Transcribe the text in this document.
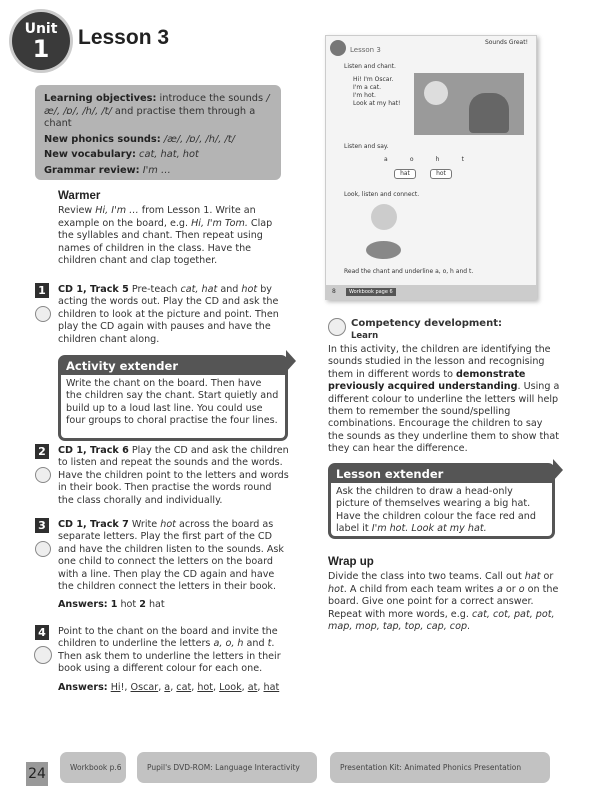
Unit
1	Lesson 3

Learning objectives: introduce the sounds /æ/, /ɒ/, /h/, /t/ and practise them through a chant

New phonics sounds: /æ/, /ɒ/, /h/, /t/

New vocabulary: cat, hat, hot

Grammar review: I'm …

Warmer

Review Hi, I'm … from Lesson 1. Write an example on the board, e.g. Hi, I'm Tom. Clap the syllables and chant. Then repeat using names of children in the class. Have the children chant and clap together.

1	CD 1, Track 5 Pre-teach cat, hat and hot by acting the words out. Play the CD and ask the children to look at the picture and point. Then play the CD again with pauses and have the children chant along.

Activity extender
Write the chant on the board. Then have the children say the chant. Start quietly and build up to a loud last line. You could use four groups to choral practise the four lines.
2	CD 1, Track 6 Play the CD and ask the children to listen and repeat the sounds and the words. Have the children point to the letters and words in their book. Then practise the words round the class chorally and individually.

3	CD 1, Track 7 Write hot across the board as separate letters. Play the first part of the CD and have the children listen to the sounds. Ask one child to connect the letters on the board with a line. Then play the CD again and have the children connect the letters in their book.

Answers: 1 hot 2 hat

4	Point to the chant on the board and invite the children to underline the letters a, o, h and t. Then ask them to underline the letters in their book using a different colour for each one.

Answers: Hi!, Oscar, a, cat, hot, Look, at, hat

Sounds Great!
Lesson 3
Listen and chant.
Hi! I'm Oscar.
I'm a cat.
I'm hot.
Look at my hat!
Listen and say.
a	o	h	t
hat	hot
Look, listen and connect.
Read the chant and underline a, o, h and t.
8	Workbook page 6
Competency development:
Learn
In this activity, the children are identifying the sounds studied in the lesson and recognising them in different words to demonstrate previously acquired understanding. Using a different colour to underline the letters will help them to remember the sound/spelling combinations. Encourage the children to say the sounds as they underline them to show that they can hear the difference.
Lesson extender
Ask the children to draw a head-only picture of themselves wearing a big hat. Have the children colour the face red and label it I'm hot. Look at my hat.
Wrap up

Divide the class into two teams. Call out hat or hot. A child from each team writes a or o on the board. Give one point for a correct answer. Repeat with more words, e.g. cat, cot, pat, pot, map, mop, tap, top, cap, cop.

24	Workbook p.6	Pupil's DVD-ROM: Language Interactivity	Presentation Kit: Animated Phonics Presentation
